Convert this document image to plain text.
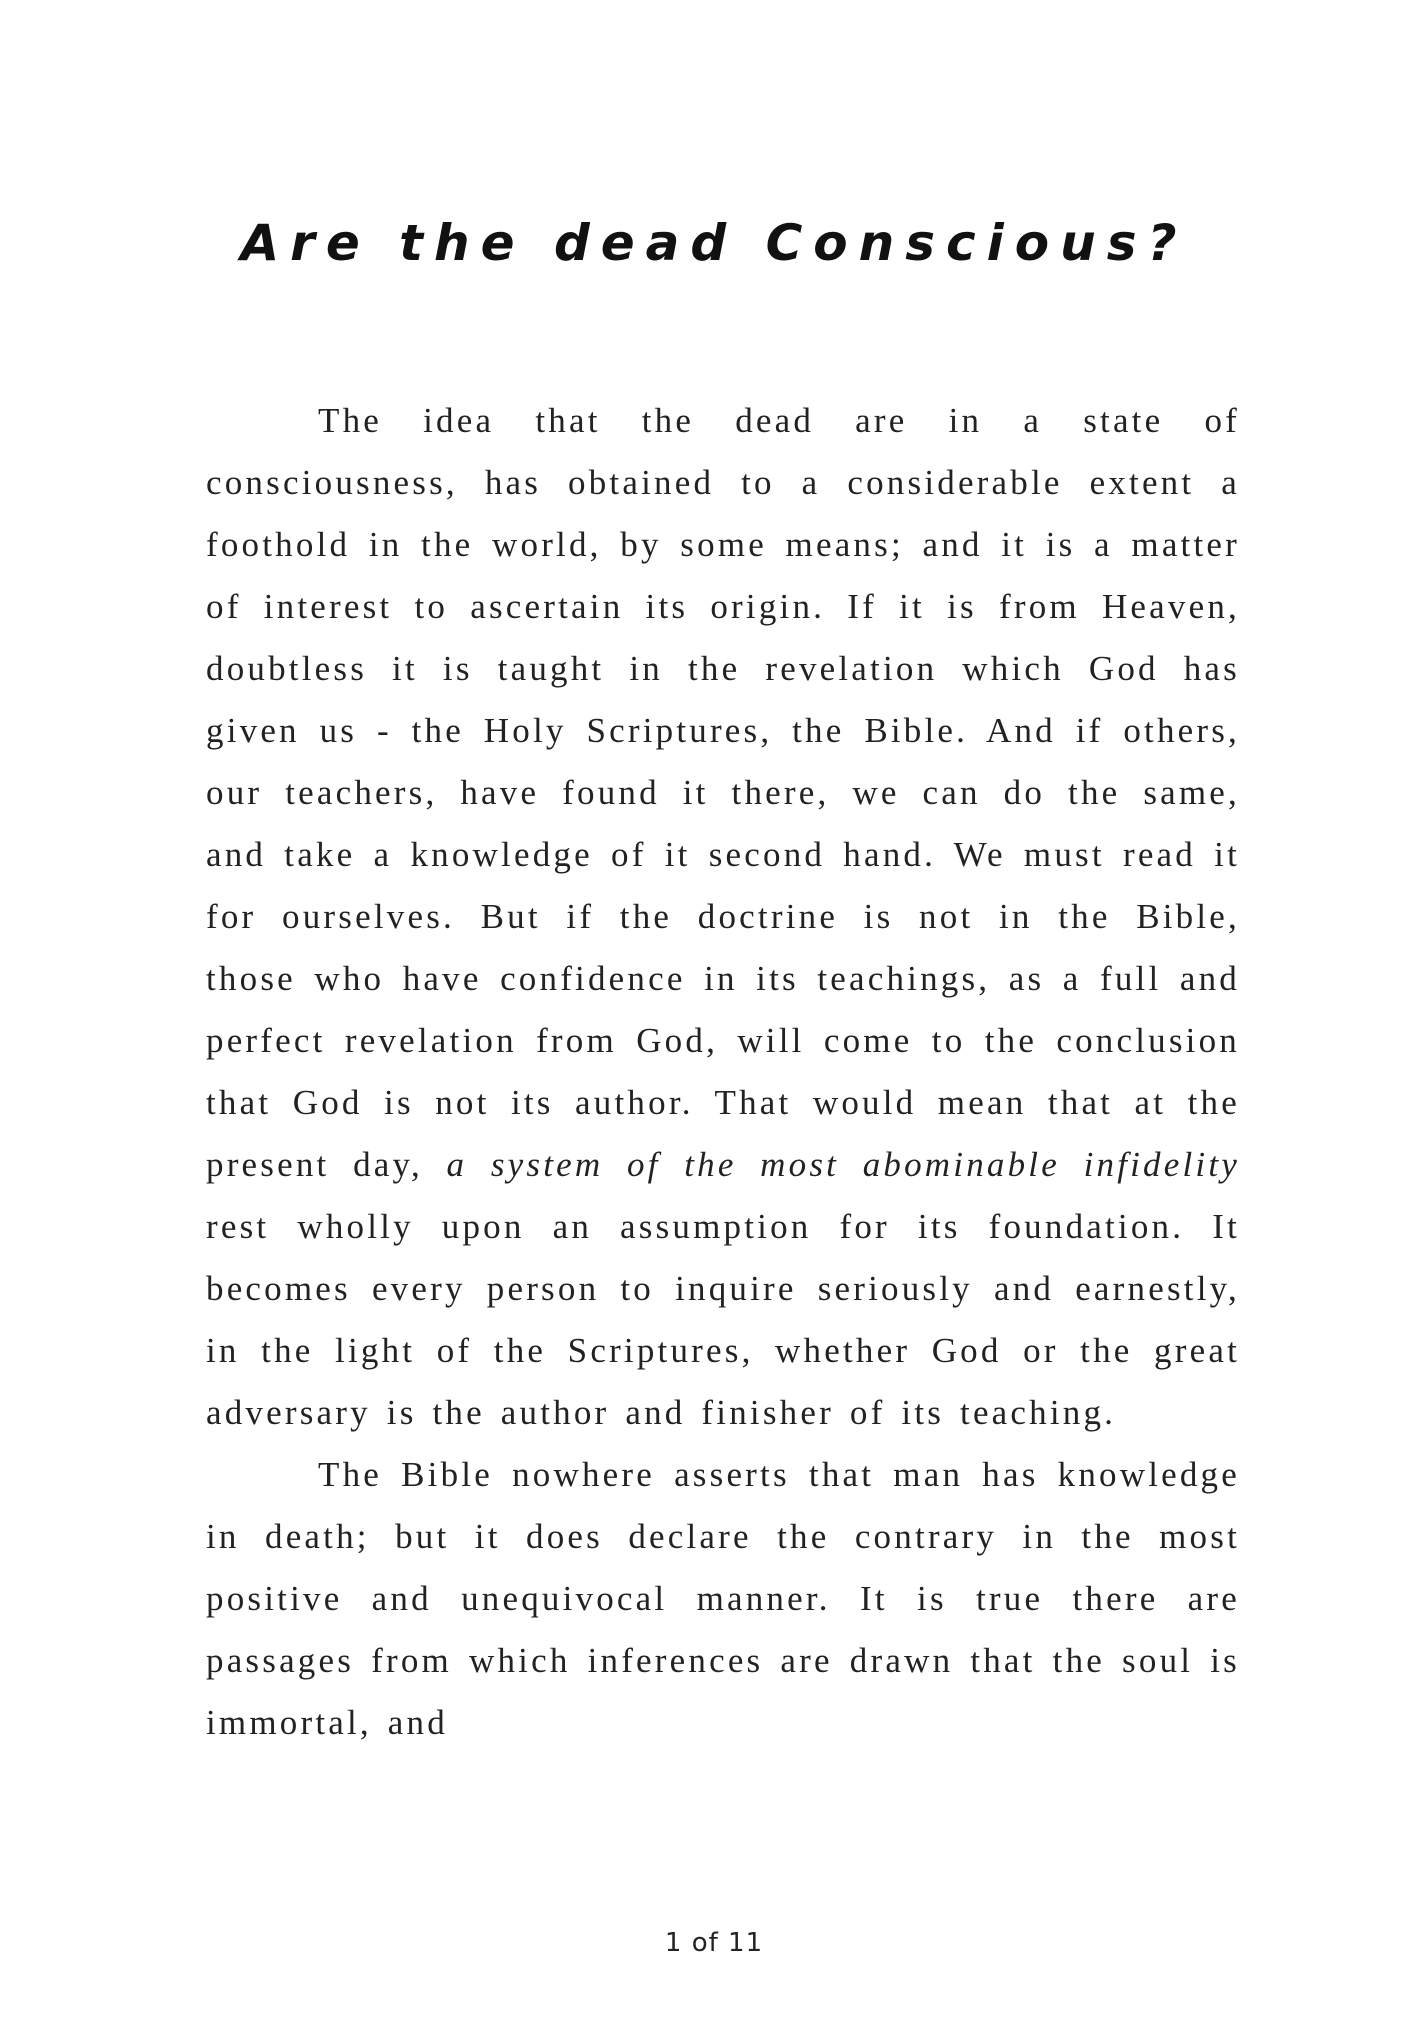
Are the dead Conscious?

The idea that the dead are in a state of consciousness, has obtained to a considerable extent a foothold in the world, by some means; and it is a matter of interest to ascertain its origin. If it is from Heaven, doubtless it is taught in the revelation which God has given us - the Holy Scriptures, the Bible. And if others, our teachers, have found it there, we can do the same, and take a knowledge of it second hand. We must read it for ourselves. But if the doctrine is not in the Bible, those who have confidence in its teachings, as a full and perfect revelation from God, will come to the conclusion that God is not its author. That would mean that at the present day, a system of the most abominable infidelity rest wholly upon an assumption for its foundation. It becomes every person to inquire seriously and earnestly, in the light of the Scriptures, whether God or the great adversary is the author and finisher of its teaching.

The Bible nowhere asserts that man has knowledge in death; but it does declare the contrary in the most positive and unequivocal manner. It is true there are passages from which inferences are drawn that the soul is immortal, and

1 of 11
